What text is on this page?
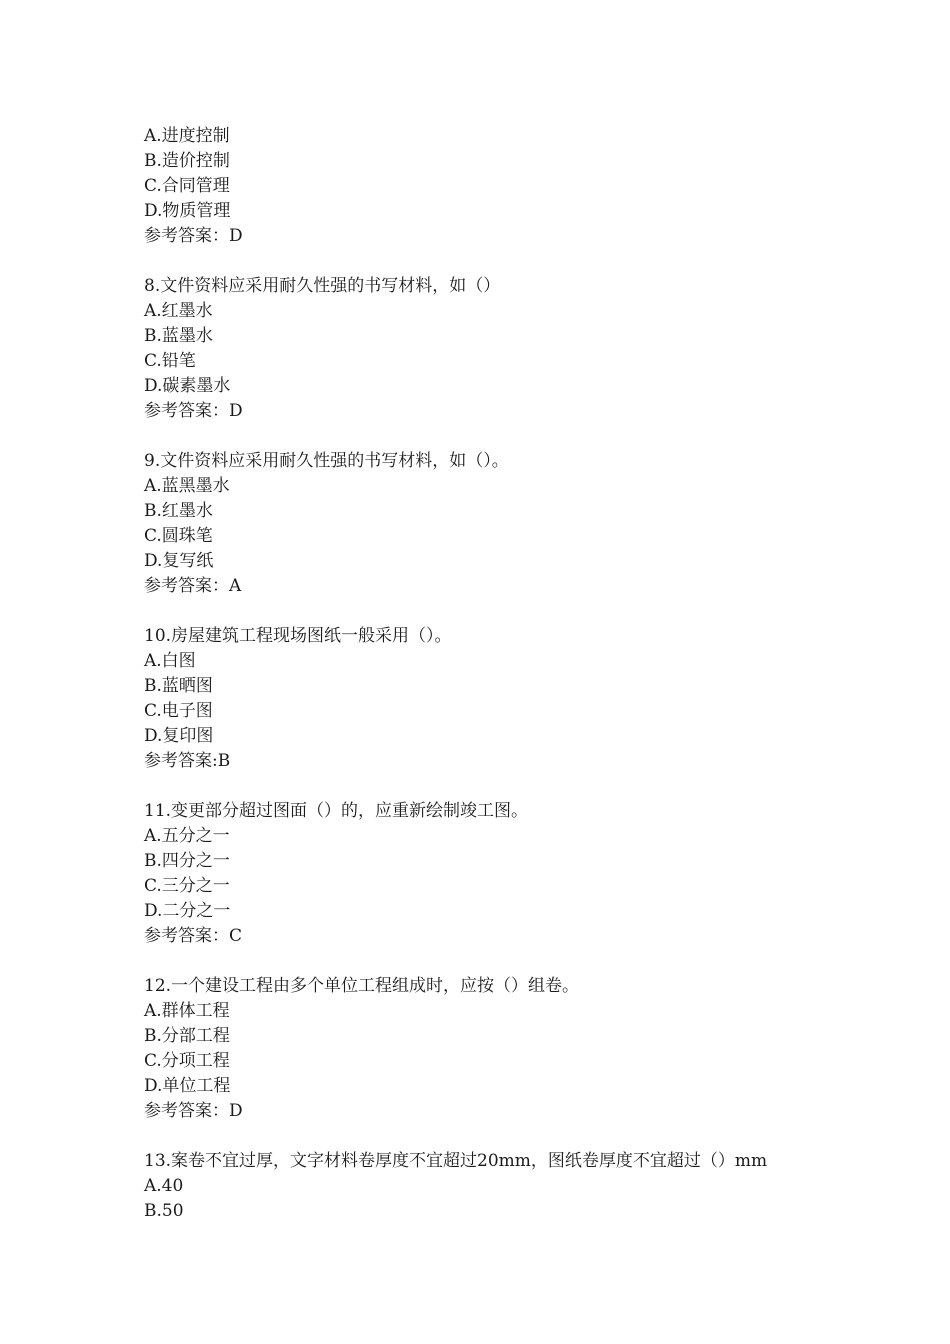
A.进度控制
B.造价控制
C.合同管理
D.物质管理
参考答案：D
8.文件资料应采用耐久性强的书写材料，如（）
A.红墨水
B.蓝墨水
C.铅笔
D.碳素墨水
参考答案：D
9.文件资料应采用耐久性强的书写材料，如（）。
A.蓝黑墨水
B.红墨水
C.圆珠笔
D.复写纸
参考答案：A
10.房屋建筑工程现场图纸一般采用（）。
A.白图
B.蓝晒图
C.电子图
D.复印图
参考答案:B
11.变更部分超过图面（）的，应重新绘制竣工图。
A.五分之一
B.四分之一
C.三分之一
D.二分之一
参考答案：C
12.一个建设工程由多个单位工程组成时，应按（）组卷。
A.群体工程
B.分部工程
C.分项工程
D.单位工程
参考答案：D
13.案卷不宜过厚，文字材料卷厚度不宜超过20mm，图纸卷厚度不宜超过（）mm
A.40
B.50
